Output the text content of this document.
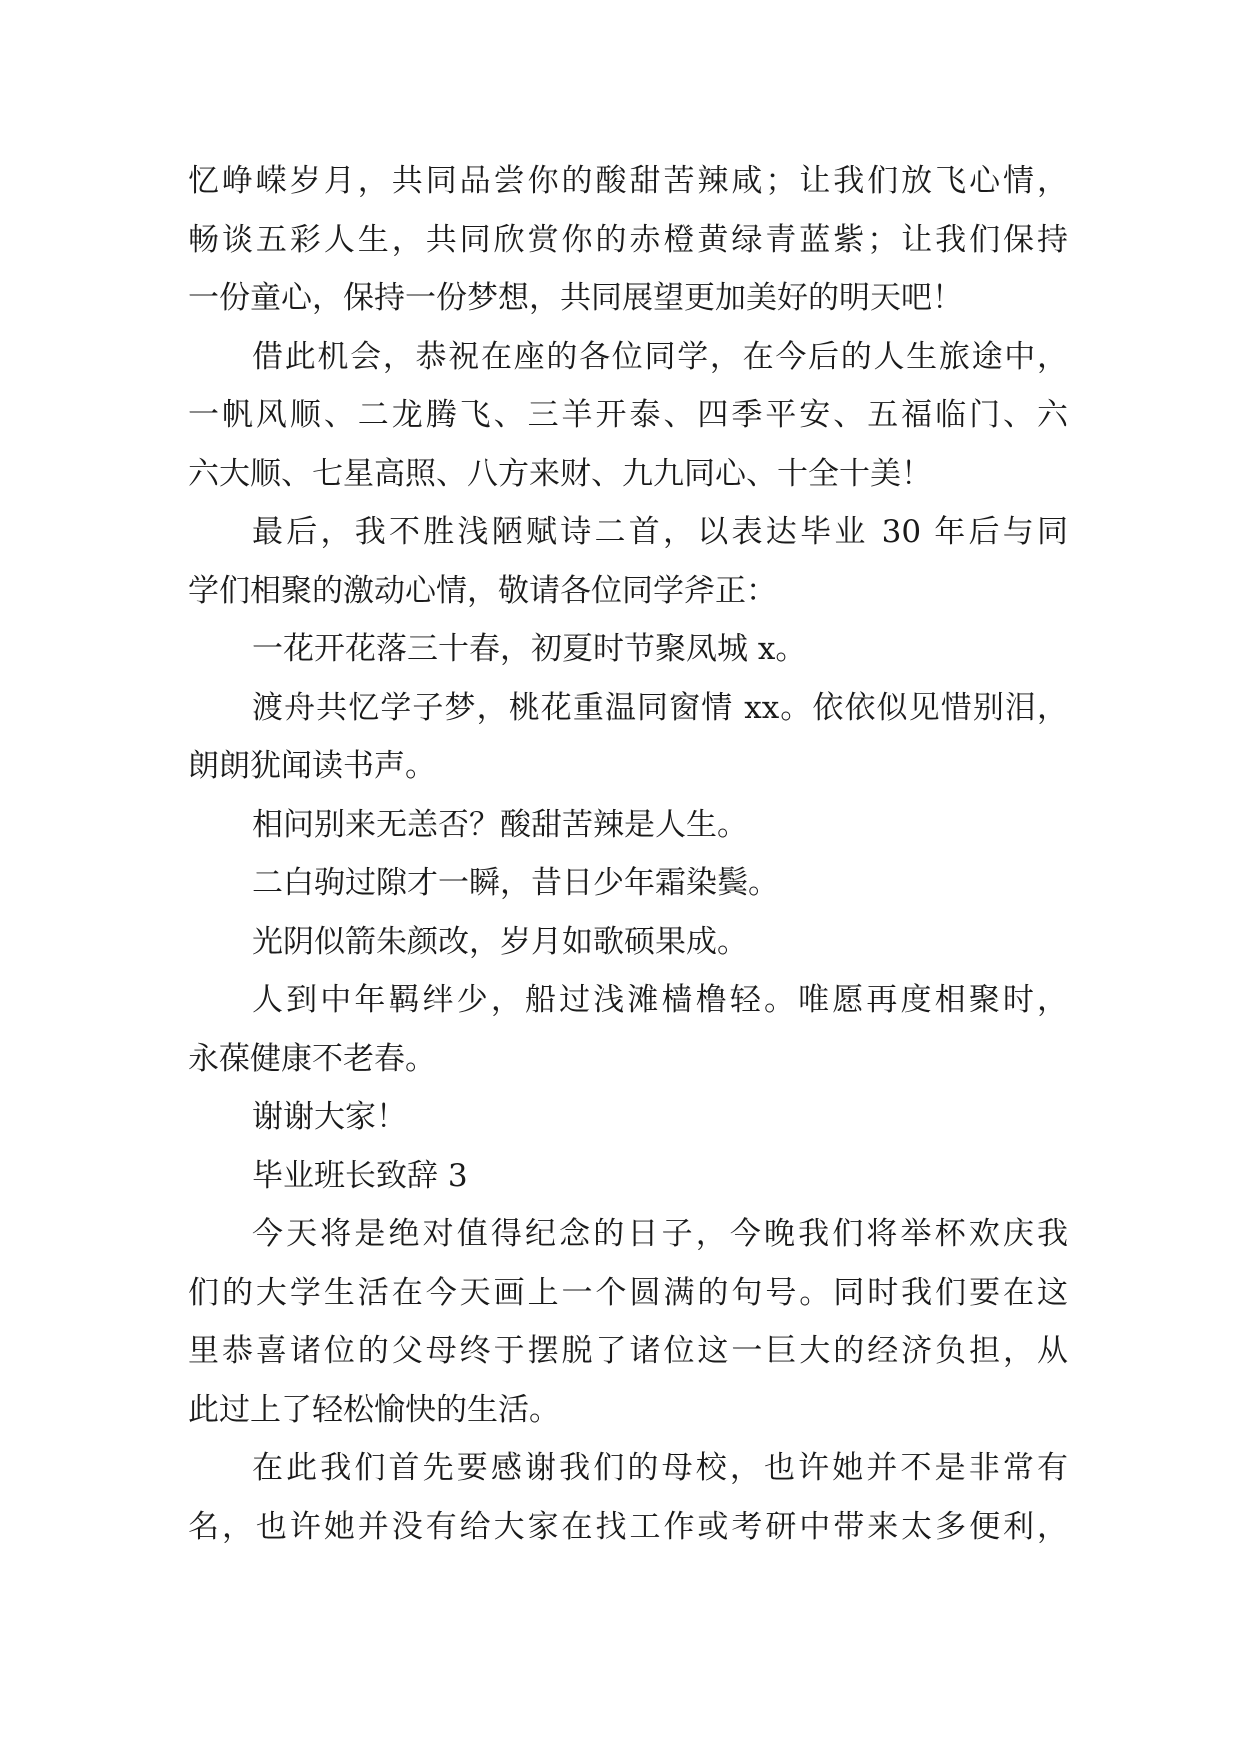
忆峥嵘岁月，共同品尝你的酸甜苦辣咸；让我们放飞心情，
畅谈五彩人生，共同欣赏你的赤橙黄绿青蓝紫；让我们保持
一份童心，保持一份梦想，共同展望更加美好的明天吧！
借此机会，恭祝在座的各位同学，在今后的人生旅途中，
一帆风顺、二龙腾飞、三羊开泰、四季平安、五福临门、六
六大顺、七星高照、八方来财、九九同心、十全十美！
最后，我不胜浅陋赋诗二首，以表达毕业 30 年后与同
学们相聚的激动心情，敬请各位同学斧正：
一花开花落三十春，初夏时节聚凤城 x。
渡舟共忆学子梦，桃花重温同窗情 xx。依依似见惜别泪，
朗朗犹闻读书声。
相问别来无恙否？酸甜苦辣是人生。
二白驹过隙才一瞬，昔日少年霜染鬓。
光阴似箭朱颜改，岁月如歌硕果成。
人到中年羁绊少，船过浅滩樯橹轻。唯愿再度相聚时，
永葆健康不老春。
谢谢大家！
毕业班长致辞 3
今天将是绝对值得纪念的日子，今晚我们将举杯欢庆我
们的大学生活在今天画上一个圆满的句号。同时我们要在这
里恭喜诸位的父母终于摆脱了诸位这一巨大的经济负担，从
此过上了轻松愉快的生活。
在此我们首先要感谢我们的母校，也许她并不是非常有
名，也许她并没有给大家在找工作或考研中带来太多便利，
